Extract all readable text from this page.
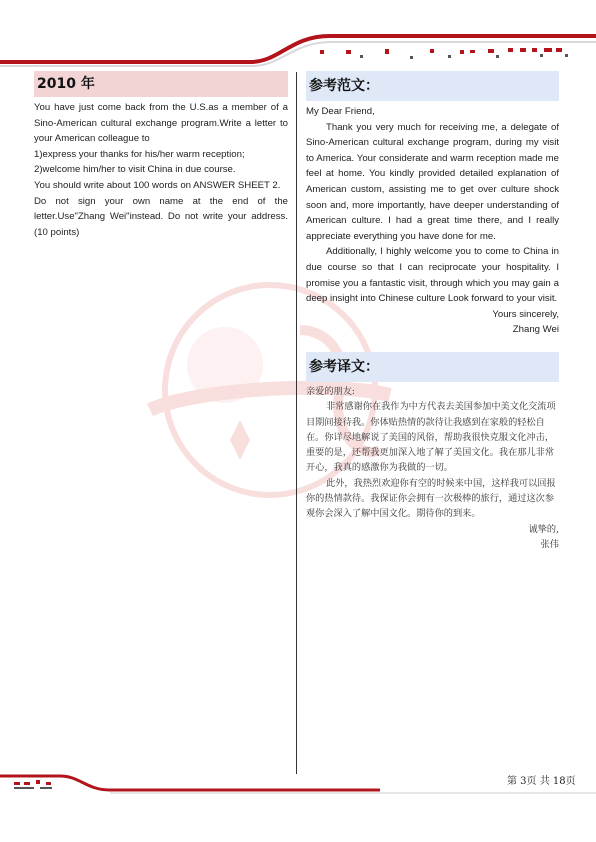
2010 年

You have just come back from the U.S.as a member of a Sino-American cultural exchange program.Write a letter to your American colleague to

1)express your thanks for his/her warm reception;

2)welcome him/her to visit China in due course.

You should write about 100 words on ANSWER SHEET 2.

Do not sign your own name at the end of the letter.Use"Zhang Wei"instead. Do not write your address.(10 points)

参考范文：

My Dear Friend,

Thank you very much for receiving me, a delegate of Sino-American cultural exchange program, during my visit to America. Your considerate and warm reception made me feel at home. You kindly provided detailed explanation of American custom, assisting me to get over culture shock soon and, more importantly, have deeper understanding of American culture. I had a great time there, and I really appreciate everything you have done for me.

Additionally, I highly welcome you to come to China in due course so that I can reciprocate your hospitality. I promise you a fantastic visit, through which you may gain a deep insight into Chinese culture Look forward to your visit.

Yours sincerely,

Zhang Wei

参考译文：

亲爱的朋友:

非常感谢你在我作为中方代表去美国参加中美文化交流项目期间接待我。你体贴热情的款待让我感到在家般的轻松自在。你详尽地解说了美国的风俗，帮助我很快克服文化冲击，重要的是，还帮我更加深入地了解了美国文化。我在那儿非常开心，我真的感激你为我做的一切。

此外，我热烈欢迎你有空的时候来中国，这样我可以回报你的热情款待。我保证你会拥有一次极棒的旅行，通过这次参观你会深入了解中国文化。期待你的到来。

诚挚的,

张伟

第 3页 共 18页
